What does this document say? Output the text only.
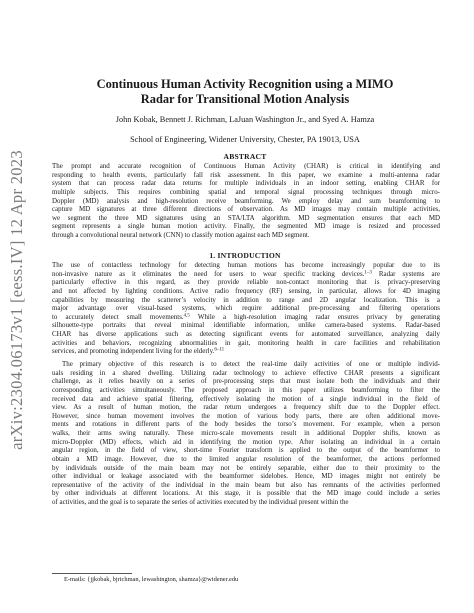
arXiv:2304.06173v1 [eess.IV] 12 Apr 2023
Continuous Human Activity Recognition using a MIMO
Radar for Transitional Motion Analysis
John Kobak, Bennett J. Richman, LaJuan Washington Jr., and Syed A. Hamza
School of Engineering, Widener University, Chester, PA 19013, USA
ABSTRACT
The prompt and accurate recognition of Continuous Human Activity (CHAR) is critical in identifying and
responding to health events, particularly fall risk assessment. In this paper, we examine a multi-antenna radar
system that can process radar data returns for multiple individuals in an indoor setting, enabling CHAR for
multiple subjects. This requires combining spatial and temporal signal processing techniques through micro-
Doppler (MD) analysis and high-resolution receive beamforming. We employ delay and sum beamforming to
capture MD signatures at three different directions of observation. As MD images may contain multiple activities,
we segment the three MD signatures using an STA/LTA algorithm. MD segmentation ensures that each MD
segment represents a single human motion activity. Finally, the segmented MD image is resized and processed
through a convolutional neural network (CNN) to classify motion against each MD segment.
1. INTRODUCTION
The use of contactless technology for detecting human motions has become increasingly popular due to its
non-invasive nature as it eliminates the need for users to wear specific tracking devices.$^{1-3}$ Radar systems are
particularly effective in this regard, as they provide reliable non-contact monitoring that is privacy-preserving
and not affected by lighting conditions. Active radio frequency (RF) sensing, in particular, allows for 4D imaging
capabilities by measuring the scatterer’s velocity in addition to range and 2D angular localization. This is a
major advantage over visual-based systems, which require additional pre-processing and filtering operations
to accurately detect small movements.$^{4,5}$ While a high-resolution imaging radar ensures privacy by generating
silhouette-type portraits that reveal minimal identifiable information, unlike camera-based systems. Radar-based
CHAR has diverse applications such as detecting significant events for automated surveillance, analyzing daily
activities and behaviors, recognizing abnormalities in gait, monitoring health in care facilities and rehabilitation
services, and promoting independent living for the elderly.$^{6-11}$
The primary objective of this research is to detect the real-time daily activities of one or multiple individ-
uals residing in a shared dwelling. Utilizing radar technology to achieve effective CHAR presents a significant
challenge, as it relies heavily on a series of pre-processing steps that must isolate both the individuals and their
corresponding activities simultaneously. The proposed approach in this paper utilizes beamforming to filter the
received data and achieve spatial filtering, effectively isolating the motion of a single individual in the field of
view. As a result of human motion, the radar return undergoes a frequency shift due to the Doppler effect.
However, since human movement involves the motion of various body parts, there are often additional move-
ments and rotations in different parts of the body besides the torso’s movement. For example, when a person
walks, their arms swing naturally. These micro-scale movements result in additional Doppler shifts, known as
micro-Doppler (MD) effects, which aid in identifying the motion type. After isolating an individual in a certain
angular region, in the field of view, short-time Fourier transform is applied to the output of the beamformer to
obtain a MD image. However, due to the limited angular resolution of the beamformer, the actions performed
by individuals outside of the main beam may not be entirely separable, either due to their proximity to the
other individual or leakage associated with the beamformer sidelobes. Hence, MD images might not entirely be
representative of the activity of the individual in the main beam but also has remnants of the activities performed
by other individuals at different locations. At this stage, it is possible that the MD image could include a series
of activities, and the goal is to separate the series of activities executed by the individual present within the
E-mails: {jjkobak, bjrichman, lewashington, shamza}@widener.edu
